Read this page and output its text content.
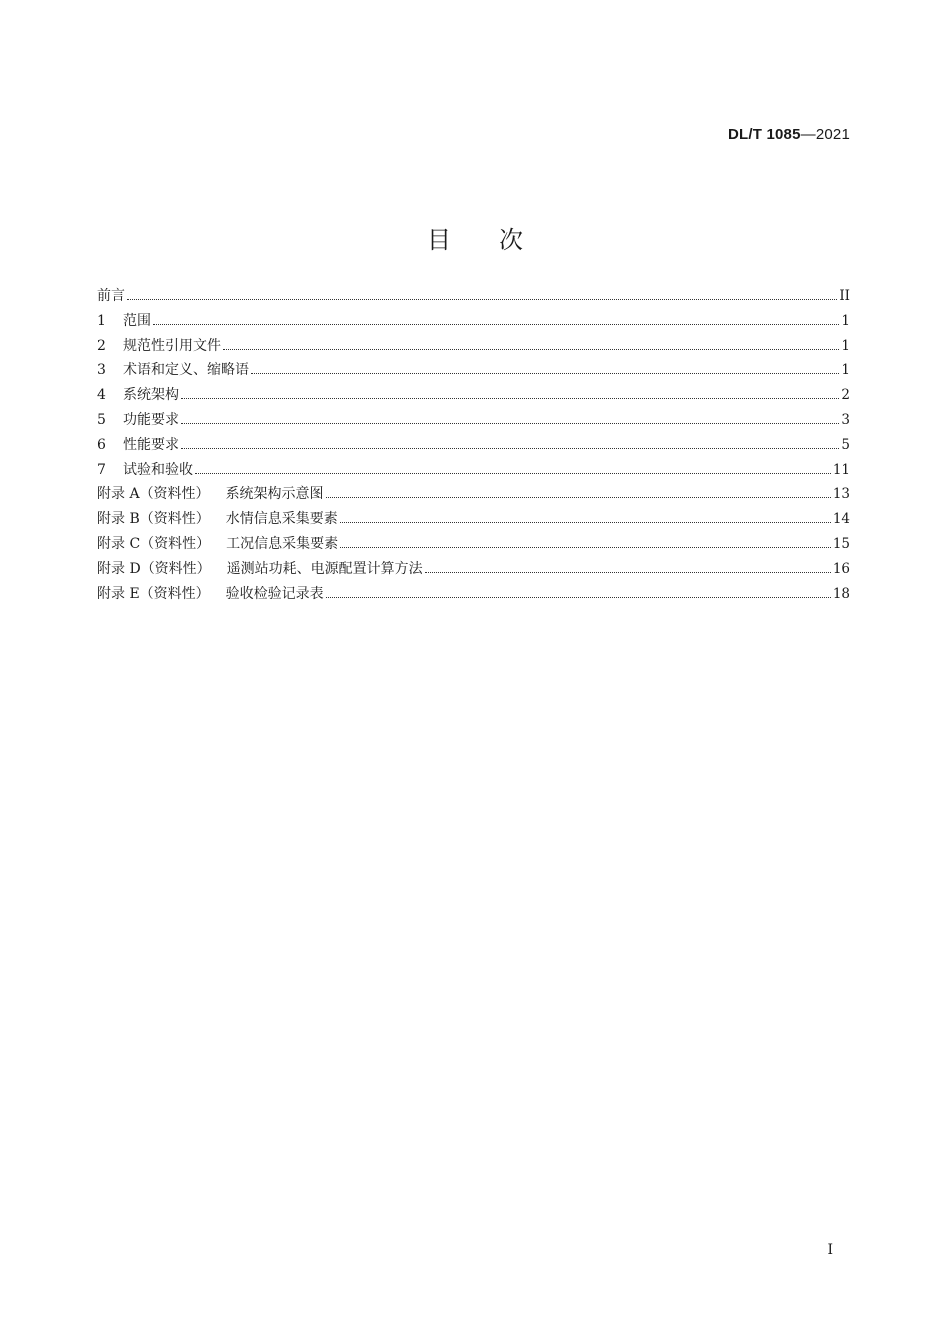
DL/T 1085—2021
目次
前言	II
1	范围	1
2	规范性引用文件	1
3	术语和定义、缩略语	1
4	系统架构	2
5	功能要求	3
6	性能要求	5
7	试验和验收	11
附录 A （资料性） 系统架构示意图	13
附录 B （资料性） 水情信息采集要素	14
附录 C （资料性） 工况信息采集要素	15
附录 D （资料性） 遥测站功耗、电源配置计算方法	16
附录 E （资料性） 验收检验记录表	18
I
